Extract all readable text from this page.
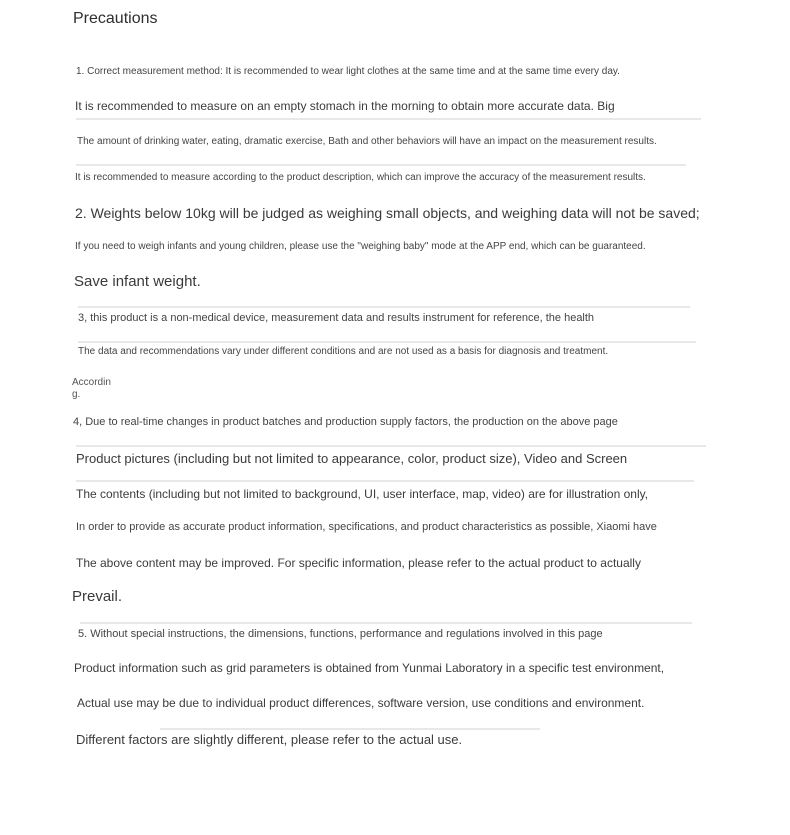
Precautions
1. Correct measurement method: It is recommended to wear light clothes at the same time and at the same time every day.
It is recommended to measure on an empty stomach in the morning to obtain more accurate data. Big
The amount of drinking water, eating, dramatic exercise, Bath and other behaviors will have an impact on the measurement results.
It is recommended to measure according to the product description, which can improve the accuracy of the measurement results.
2. Weights below 10kg will be judged as weighing small objects, and weighing data will not be saved;
If you need to weigh infants and young children, please use the "weighing baby" mode at the APP end, which can be guaranteed.
Save infant weight.
3, this product is a non-medical device, measurement data and results instrument for reference, the health
The data and recommendations vary under different conditions and are not used as a basis for diagnosis and treatment.
Accordin
g.
4, Due to real-time changes in product batches and production supply factors, the production on the above page
Product pictures (including but not limited to appearance, color, product size), Video and Screen
The contents (including but not limited to background, UI, user interface, map, video) are for illustration only,
In order to provide as accurate product information, specifications, and product characteristics as possible, Xiaomi have
The above content may be improved. For specific information, please refer to the actual product to actually
Prevail.
5. Without special instructions, the dimensions, functions, performance and regulations involved in this page
Product information such as grid parameters is obtained from Yunmai Laboratory in a specific test environment,
Actual use may be due to individual product differences, software version, use conditions and environment.
Different factors are slightly different, please refer to the actual use.
